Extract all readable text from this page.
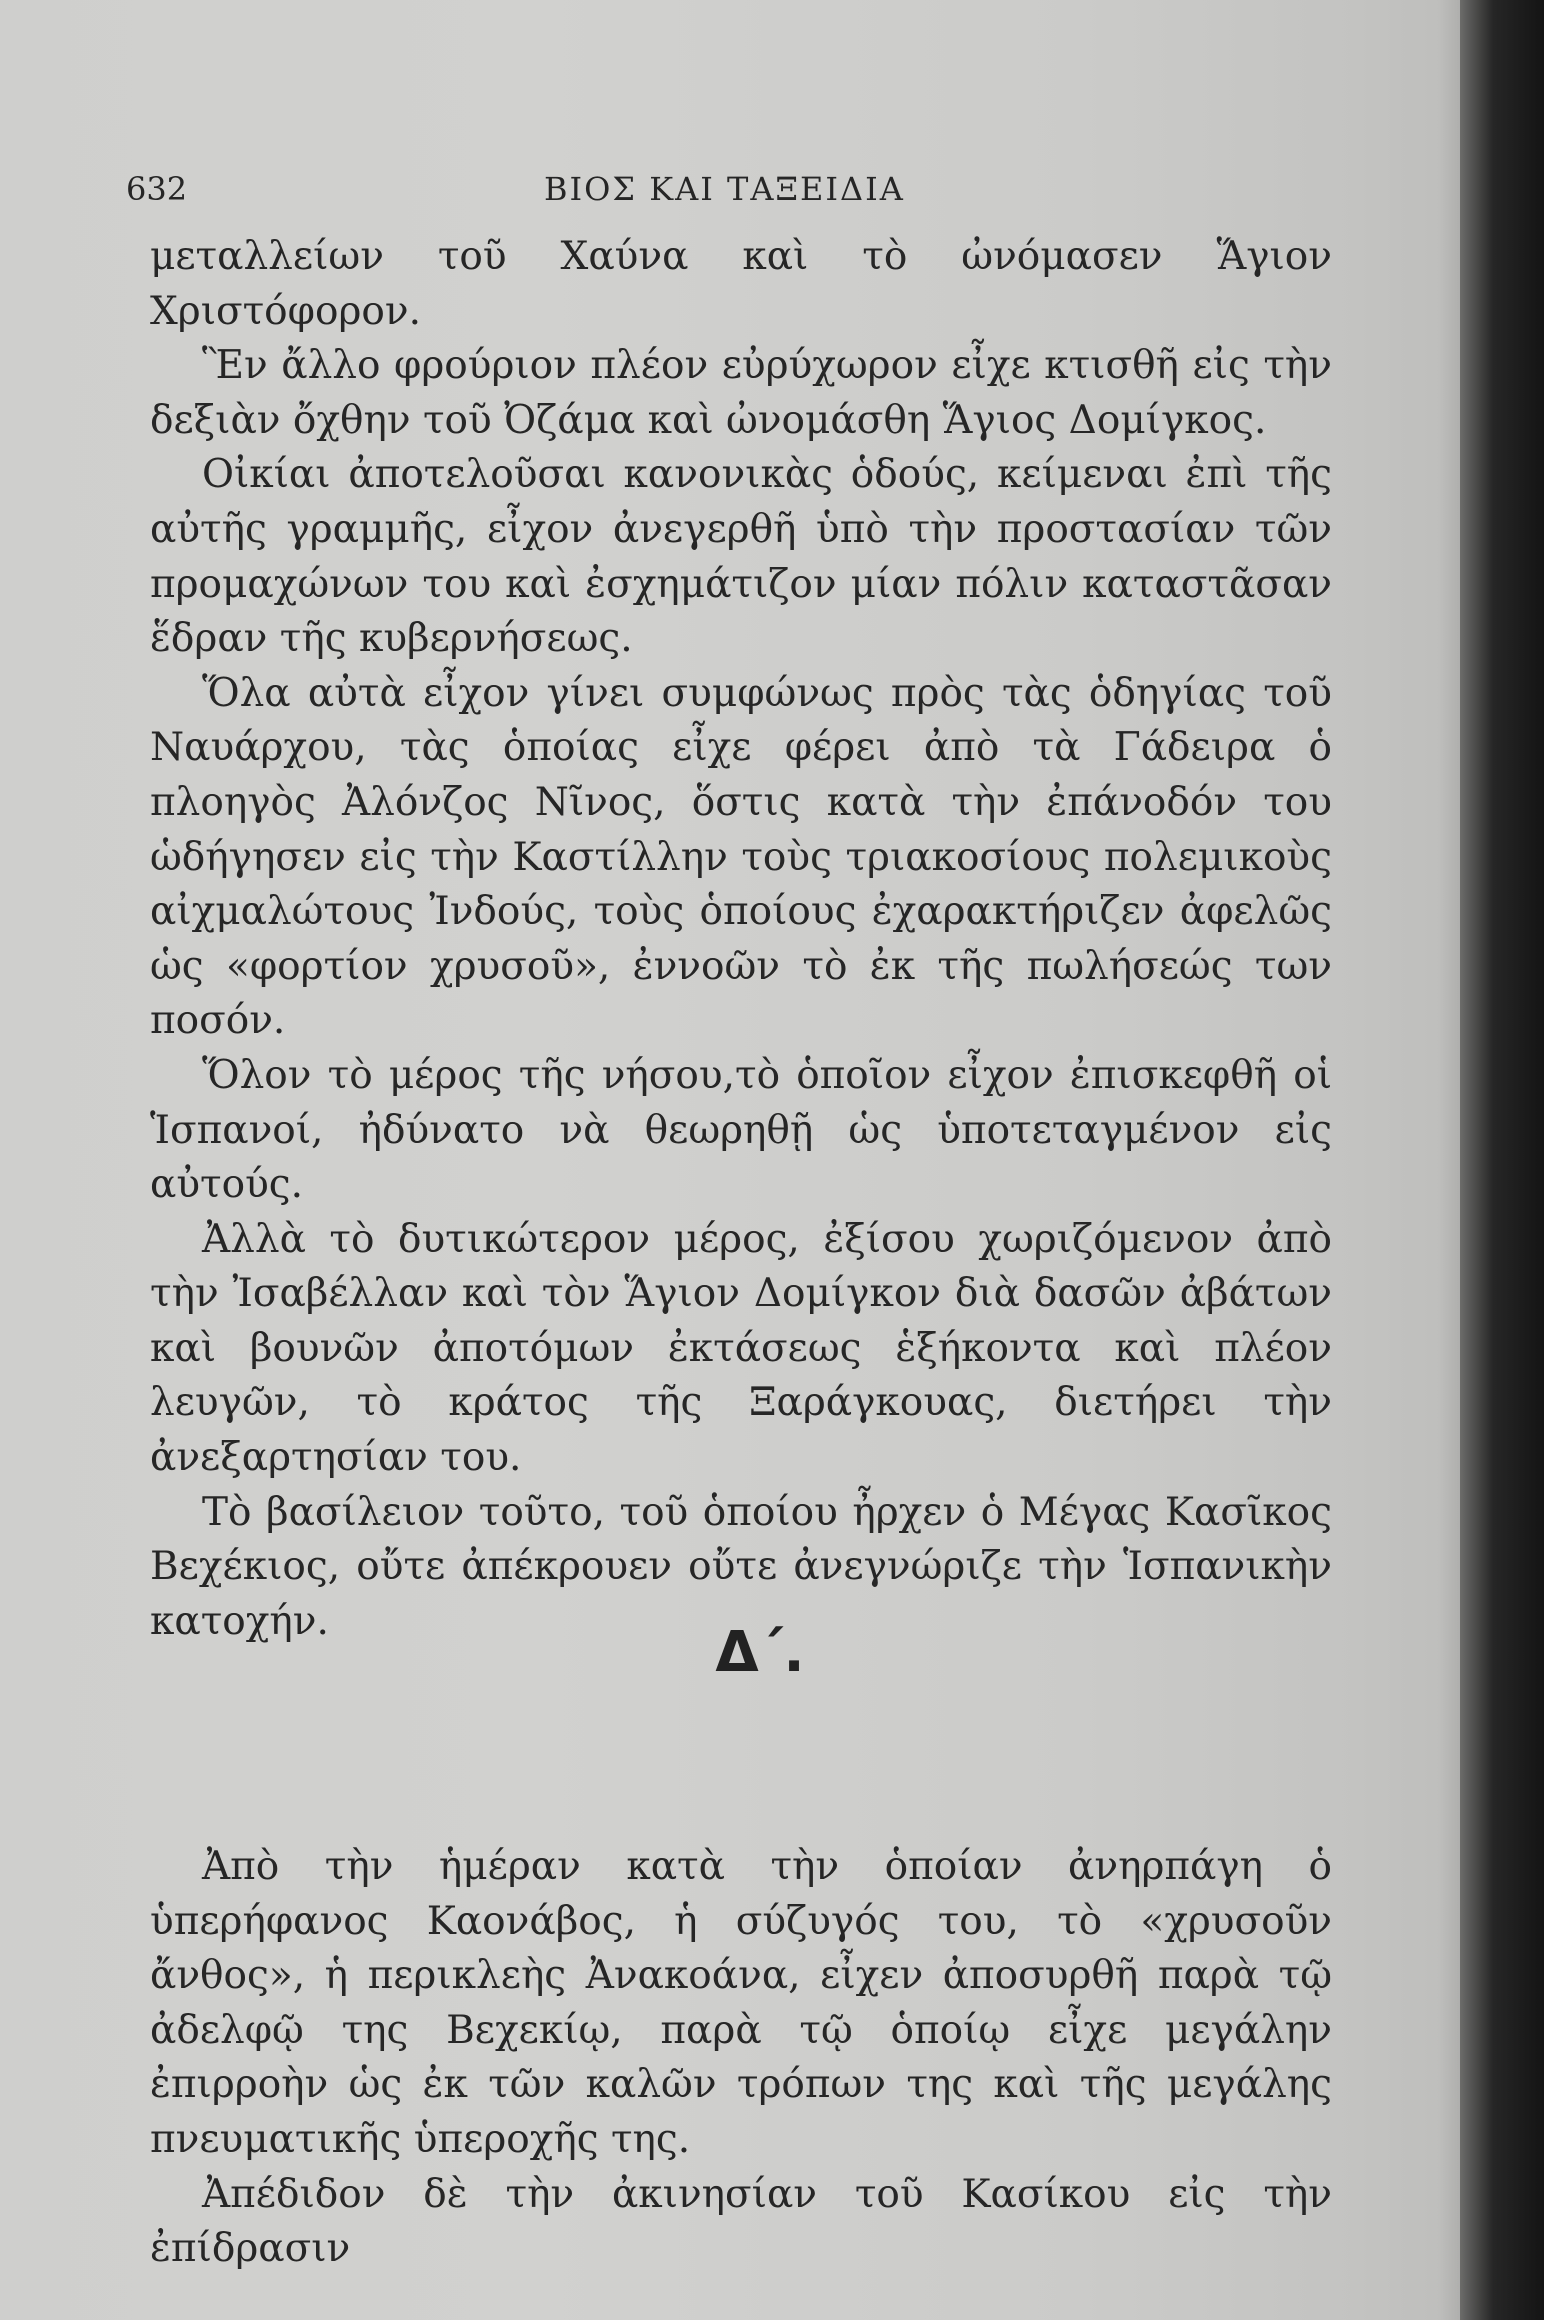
632	ΒΙΟΣ ΚΑΙ ΤΑΞΕΙΔΙΑ

μεταλλείων τοῦ Χαύνα καὶ τὸ ὠνόμασεν Ἅγιον Χριστόφορον.

Ἓν ἄλλο φρούριον πλέον εὐρύχωρον εἶχε κτισθῆ εἰς τὴν δεξιὰν ὄχθην τοῦ Ὀζάμα καὶ ὠνομάσθη Ἅγιος Δομίγκος.

Οἰκίαι ἀποτελοῦσαι κανονικὰς ὁδούς, κείμεναι ἐπὶ τῆς αὐτῆς γραμμῆς, εἶχον ἀνεγερθῆ ὑπὸ τὴν προστασίαν τῶν προμαχώνων του καὶ ἐσχημάτιζον μίαν πόλιν καταστᾶσαν ἕδραν τῆς κυβερνήσεως.

Ὅλα αὐτὰ εἶχον γίνει συμφώνως πρὸς τὰς ὁδηγίας τοῦ Ναυάρχου, τὰς ὁποίας εἶχε φέρει ἀπὸ τὰ Γάδειρα ὁ πλοηγὸς Ἀλόνζος Νῖνος, ὅστις κατὰ τὴν ἐπάνοδόν του ὡδήγησεν εἰς τὴν Καστίλλην τοὺς τριακοσίους πολεμικοὺς αἰχμαλώτους Ἰνδούς, τοὺς ὁποίους ἐχαρακτήριζεν ἀφελῶς ὡς «φορτίον χρυσοῦ», ἐννοῶν τὸ ἐκ τῆς πωλήσεώς των ποσόν.

Ὅλον τὸ μέρος τῆς νήσου,τὸ ὁποῖον εἶχον ἐπισκεφθῆ οἱ Ἱσπανοί, ἠδύνατο νὰ θεωρηθῇ ὡς ὑποτεταγμένον εἰς αὐτούς.

Ἀλλὰ τὸ δυτικώτερον μέρος, ἐξίσου χωριζόμενον ἀπὸ τὴν Ἰσαβέλλαν καὶ τὸν Ἅγιον Δομίγκον διὰ δασῶν ἀβάτων καὶ βουνῶν ἀποτόμων ἐκτάσεως ἑξήκοντα καὶ πλέον λευγῶν, τὸ κράτος τῆς Ξαράγκουας, διετήρει τὴν ἀνεξαρτησίαν του.

Τὸ βασίλειον τοῦτο, τοῦ ὁποίου ἦρχεν ὁ Μέγας Κασῖκος Βεχέκιος, οὔτε ἀπέκρουεν οὔτε ἀνεγνώριζε τὴν Ἱσπανικὴν κατοχήν.	Δ΄.

Ἀπὸ τὴν ἡμέραν κατὰ τὴν ὁποίαν ἀνηρπάγη ὁ ὑπερήφανος Καονάβος, ἡ σύζυγός του, τὸ «χρυσοῦν ἄνθος», ἡ περικλεὴς Ἀνακοάνα, εἶχεν ἀποσυρθῆ παρὰ τῷ ἀδελφῷ της Βεχεκίῳ, παρὰ τῷ ὁποίῳ εἶχε μεγάλην ἐπιρροὴν ὡς ἐκ τῶν καλῶν τρόπων της καὶ τῆς μεγάλης πνευματικῆς ὑπεροχῆς της.

Ἀπέδιδον δὲ τὴν ἀκινησίαν τοῦ Κασίκου εἰς τὴν ἐπίδρασιν
